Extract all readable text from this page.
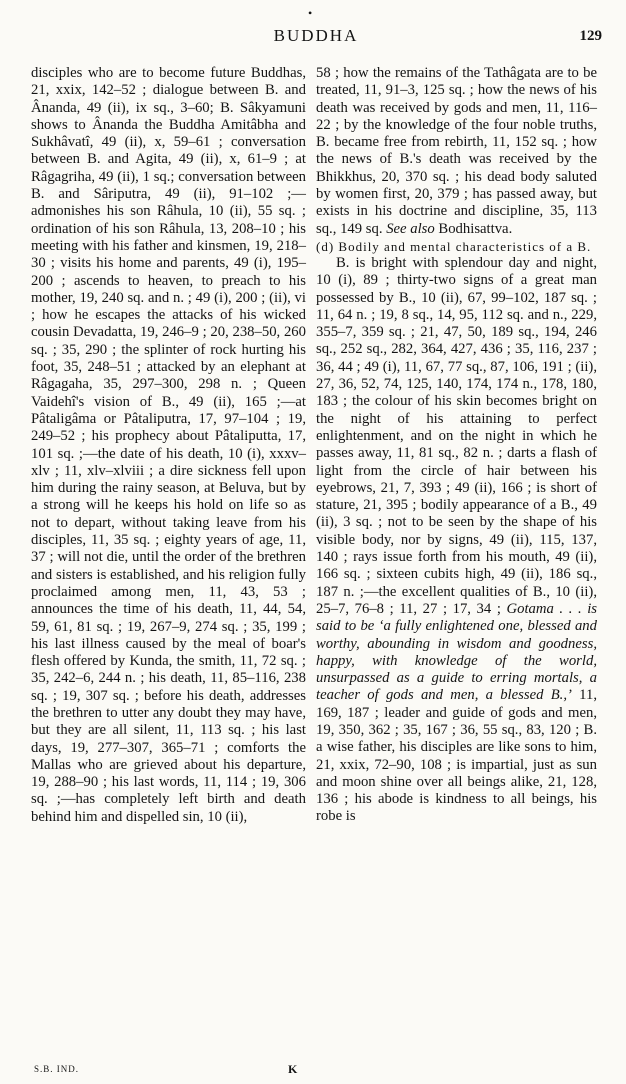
•
BUDDHA	129

disciples who are to become future Buddhas, 21, xxix, 142–52 ; dialogue between B. and Ânanda, 49 (ii), ix sq., 3–60; B. Sâkyamuni shows to Ânanda the Buddha Amitâbha and Sukhâvatî, 49 (ii), x, 59–61 ; conversation between B. and Agita, 49 (ii), x, 61–9 ; at Râgagriha, 49 (ii), 1 sq.; conversation between B. and Sâriputra, 49 (ii), 91–102 ;—admonishes his son Râhula, 10 (ii), 55 sq. ; ordination of his son Râhula, 13, 208–10 ; his meeting with his father and kinsmen, 19, 218–30 ; visits his home and parents, 49 (i), 195–200 ; ascends to heaven, to preach to his mother, 19, 240 sq. and n. ; 49 (i), 200 ; (ii), vi ; how he escapes the attacks of his wicked cousin Devadatta, 19, 246–9 ; 20, 238–50, 260 sq. ; 35, 290 ; the splinter of rock hurting his foot, 35, 248–51 ; attacked by an elephant at Râgagaha, 35, 297–300, 298 n. ; Queen Vaidehî's vision of B., 49 (ii), 165 ;—at Pâtaligâma or Pâtaliputra, 17, 97–104 ; 19, 249–52 ; his prophecy about Pâtaliputta, 17, 101 sq. ;—the date of his death, 10 (i), xxxv–xlv ; 11, xlv–xlviii ; a dire sickness fell upon him during the rainy season, at Beluva, but by a strong will he keeps his hold on life so as not to depart, without taking leave from his disciples, 11, 35 sq. ; eighty years of age, 11, 37 ; will not die, until the order of the brethren and sisters is established, and his religion fully proclaimed among men, 11, 43, 53 ; announces the time of his death, 11, 44, 54, 59, 61, 81 sq. ; 19, 267–9, 274 sq. ; 35, 199 ; his last illness caused by the meal of boar's flesh offered by Kunda, the smith, 11, 72 sq. ; 35, 242–6, 244 n. ; his death, 11, 85–116, 238 sq. ; 19, 307 sq. ; before his death, addresses the brethren to utter any doubt they may have, but they are all silent, 11, 113 sq. ; his last days, 19, 277–307, 365–71 ; comforts the Mallas who are grieved about his departure, 19, 288–90 ; his last words, 11, 114 ; 19, 306 sq. ;—has completely left birth and death behind him and dispelled sin, 10 (ii),

58 ; how the remains of the Tathâgata are to be treated, 11, 91–3, 125 sq. ; how the news of his death was received by gods and men, 11, 116–22 ; by the knowledge of the four noble truths, B. became free from rebirth, 11, 152 sq. ; how the news of B.'s death was received by the Bhikkhus, 20, 370 sq. ; his dead body saluted by women first, 20, 379 ; has passed away, but exists in his doctrine and discipline, 35, 113 sq., 149 sq. See also Bodhisattva.

(d) Bodily and mental characteristics of a B.

B. is bright with splendour day and night, 10 (i), 89 ; thirty-two signs of a great man possessed by B., 10 (ii), 67, 99–102, 187 sq. ; 11, 64 n. ; 19, 8 sq., 14, 95, 112 sq. and n., 229, 355–7, 359 sq. ; 21, 47, 50, 189 sq., 194, 246 sq., 252 sq., 282, 364, 427, 436 ; 35, 116, 237 ; 36, 44 ; 49 (i), 11, 67, 77 sq., 87, 106, 191 ; (ii), 27, 36, 52, 74, 125, 140, 174, 174 n., 178, 180, 183 ; the colour of his skin becomes bright on the night of his attaining to perfect enlightenment, and on the night in which he passes away, 11, 81 sq., 82 n. ; darts a flash of light from the circle of hair between his eyebrows, 21, 7, 393 ; 49 (ii), 166 ; is short of stature, 21, 395 ; bodily appearance of a B., 49 (ii), 3 sq. ; not to be seen by the shape of his visible body, nor by signs, 49 (ii), 115, 137, 140 ; rays issue forth from his mouth, 49 (ii), 166 sq. ; sixteen cubits high, 49 (ii), 186 sq., 187 n. ;—the excellent qualities of B., 10 (ii), 25–7, 76–8 ; 11, 27 ; 17, 34 ; Gotama . . . is said to be ‘a fully enlightened one, blessed and worthy, abounding in wisdom and goodness, happy, with knowledge of the world, unsurpassed as a guide to erring mortals, a teacher of gods and men, a blessed B.,’ 11, 169, 187 ; leader and guide of gods and men, 19, 350, 362 ; 35, 167 ; 36, 55 sq., 83, 120 ; B. a wise father, his disciples are like sons to him, 21, xxix, 72–90, 108 ; is impartial, just as sun and moon shine over all beings alike, 21, 128, 136 ; his abode is kindness to all beings, his robe is

S.B. IND.	K
